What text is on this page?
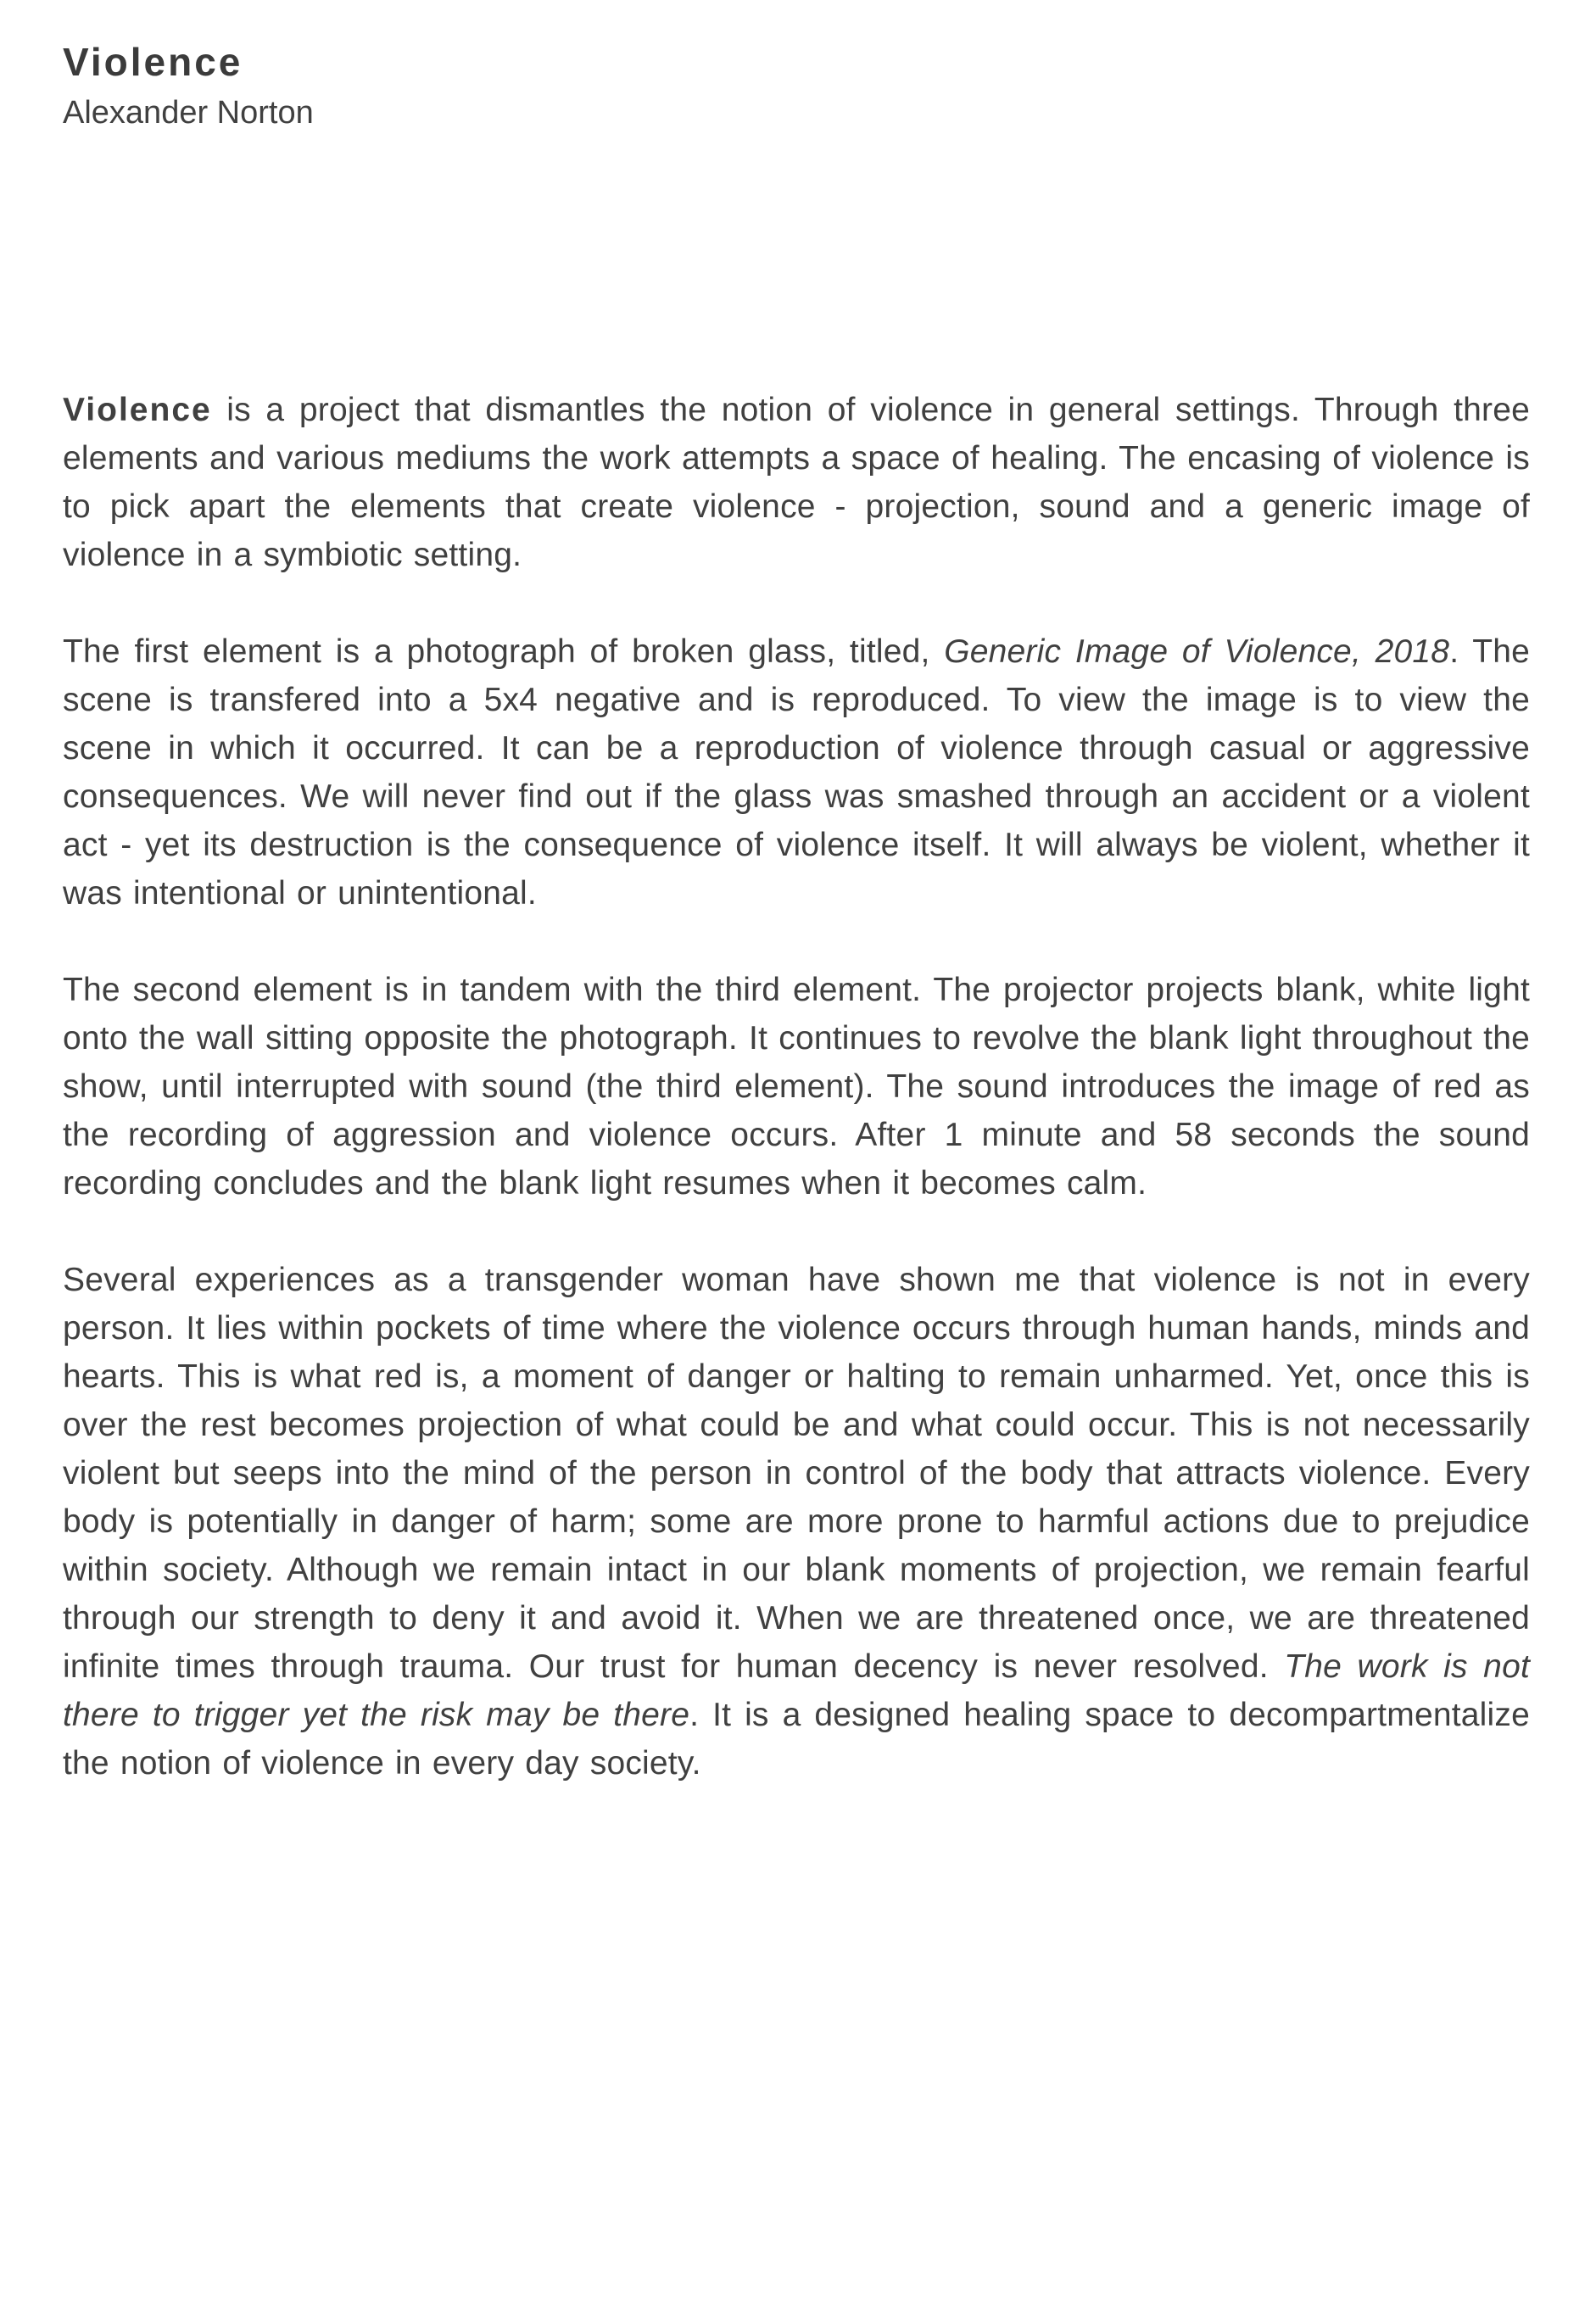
Violence
Alexander Norton

Violence is a project that dismantles the notion of violence in general settings. Through three elements and various mediums the work attempts a space of healing. The encasing of violence is to pick apart the elements that create violence - projection, sound and a generic image of violence in a symbiotic setting.

The first element is a photograph of broken glass, titled, Generic Image of Violence, 2018. The scene is transfered into a 5x4 negative and is reproduced. To view the image is to view the scene in which it occurred. It can be a reproduction of violence through casual or aggressive consequences. We will never find out if the glass was smashed through an accident or a violent act - yet its destruction is the consequence of violence itself. It will always be violent, whether it was intentional or unintentional.

The second element is in tandem with the third element. The projector projects blank, white light onto the wall sitting opposite the photograph. It continues to revolve the blank light throughout the show, until interrupted with sound (the third element). The sound introduces the image of red as the recording of aggression and violence occurs. After 1 minute and 58 seconds the sound recording concludes and the blank light resumes when it becomes calm.

Several experiences as a transgender woman have shown me that violence is not in every person. It lies within pockets of time where the violence occurs through human hands, minds and hearts. This is what red is, a moment of danger or halting to remain unharmed. Yet, once this is over the rest becomes projection of what could be and what could occur. This is not necessarily violent but seeps into the mind of the person in control of the body that attracts violence. Every body is potentially in danger of harm; some are more prone to harmful actions due to prejudice within society. Although we remain intact in our blank moments of projection, we remain fearful through our strength to deny it and avoid it. When we are threatened once, we are threatened infinite times through trauma. Our trust for human decency is never resolved. The work is not there to trigger yet the risk may be there. It is a designed healing space to decompartmentalize the notion of violence in every day society.
